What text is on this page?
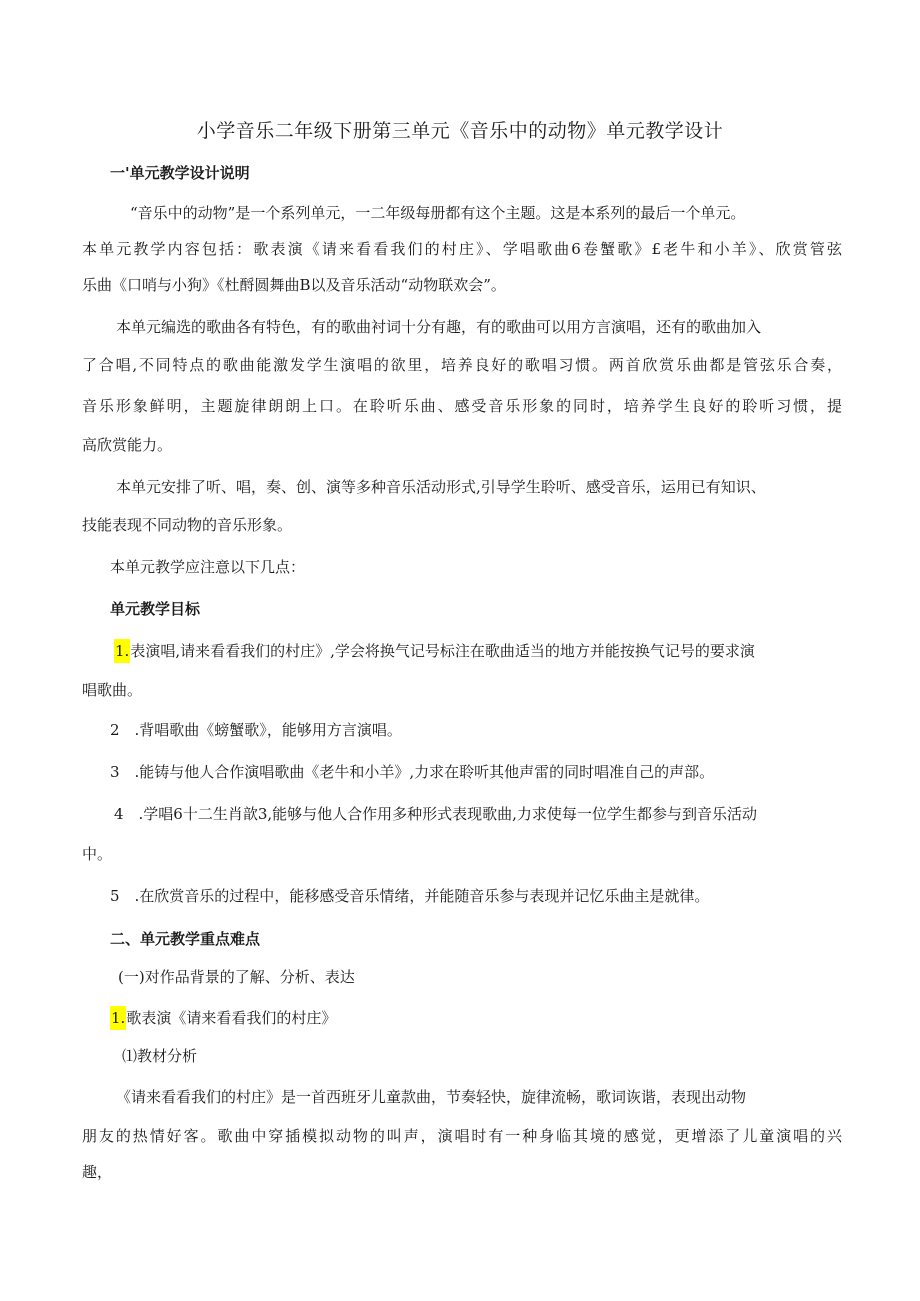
小学音乐二年级下册第三单元《音乐中的动物》单元教学设计
一'单元教学设计说明
“音乐中的动物”是一个系列单元，一二年级每册都有这个主题。这是本系列的最后一个单元。
本单元教学内容包括：歌表演《请来看看我们的村庄》、学唱歌曲6卷蟹歌》£老牛和小羊》、欣赏管弦
乐曲《口哨与小狗》《杜酹圆舞曲B以及音乐活动“动物联欢会”。
本单元编选的歌曲各有特色，有的歌曲衬词十分有趣，有的歌曲可以用方言演唱，还有的歌曲加入
了合唱,不同特点的歌曲能激发学生演唱的欲里，培养良好的歌唱习惯。两首欣赏乐曲都是管弦乐合奏，
音乐形象鲜明，主题旋律朗朗上口。在聆听乐曲、感受音乐形象的同时，培养学生良好的聆听习惯，提
高欣赏能力。
本单元安排了听、唱，奏、创、演等多种音乐活动形式,引导学生聆听、感受音乐，运用已有知识、
技能表现不同动物的音乐形象。
本单元教学应注意以下几点：
单元教学目标
1.表演唱,请来看看我们的村庄》,学会将换气记号标注在歌曲适当的地方并能按换气记号的要求演
唱歌曲。
2　.背唱歌曲《螃蟹歌》，能够用方言演唱。
3　.能铸与他人合作演唱歌曲《老牛和小羊》,力求在聆听其他声雷的同时唱准自己的声部。
4　.学唱6十二生肖歆3,能够与他人合作用多种形式表现歌曲,力求使每一位学生都参与到音乐活动
中。
5　.在欣赏音乐的过程中，能移感受音乐情绪，并能随音乐参与表现并记忆乐曲主是就律。
二、单元教学重点难点
(一)对作品背景的了解、分析、表达
1.歌表演《请来看看我们的村庄》
⑴教材分析
《请来看看我们的村庄》是一首西班牙儿童款曲，节奏轻快，旋律流畅，歌词诙谐，表现出动物
朋友的热情好客。歌曲中穿插模拟动物的叫声，演唱时有一种身临其境的感觉，更增添了儿童演唱的兴
趣，
